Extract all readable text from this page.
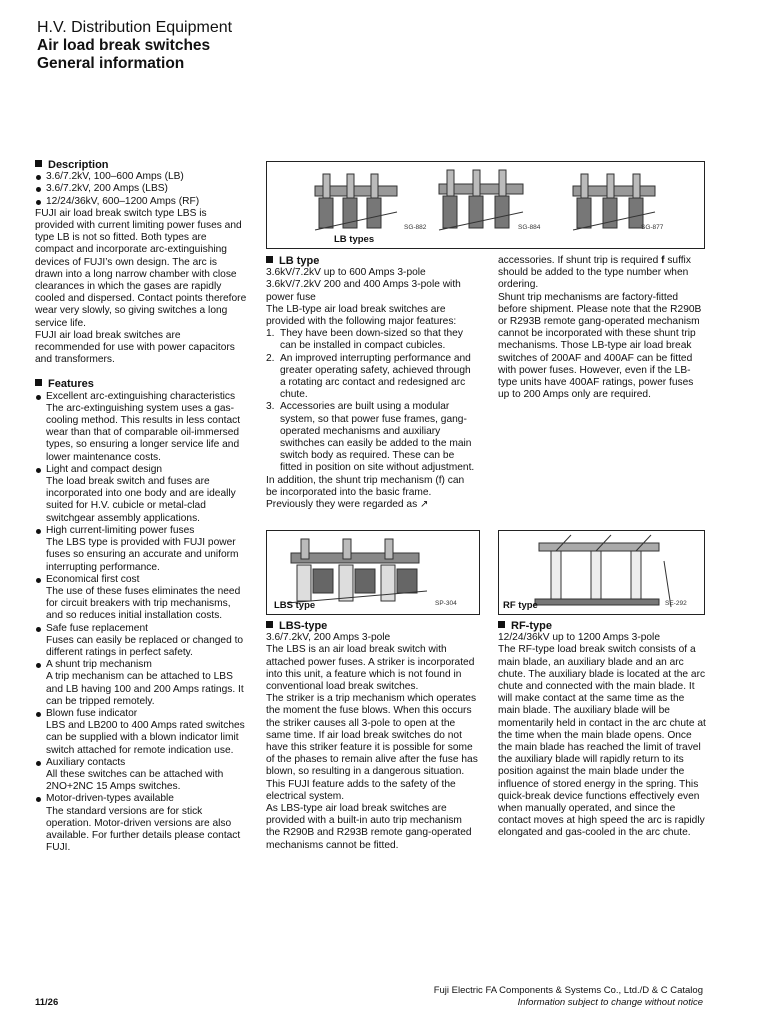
H.V. Distribution Equipment
Air load break switches
General information

Description

3.6/7.2kV, 100–600 Amps (LB)

3.6/7.2kV, 200 Amps (LBS)

12/24/36kV, 600–1200 Amps (RF)

FUJI air load break switch type LBS is provided with current limiting power fuses and type LB is not so fitted. Both types are compact and incorporate arc-extinguishing devices of FUJI’s own design. The arc is drawn into a long narrow chamber with close clearances in which the gases are rapidly cooled and dispersed. Contact points therefore wear very slowly, so giving switches a long service life.

FUJI air load break switches are recommended for use with power capacitors and transformers.

Features

Excellent arc-extinguishing characteristics

The arc-extinguishing system uses a gas-cooling method. This results in less contact wear than that of comparable oil-immersed types, so ensuring a longer service life and lower maintenance costs.

Light and compact design

The load break switch and fuses are incorporated into one body and are ideally suited for H.V. cubicle or metal-clad switchgear assembly applications.

High current-limiting power fuses

The LBS type is provided with FUJI power fuses so ensuring an accurate and uniform interrupting performance.

Economical first cost

The use of these fuses eliminates the need for circuit breakers with trip mechanisms, and so reduces initial installation costs.

Safe fuse replacement

Fuses can easily be replaced or changed to different ratings in perfect safety.

A shunt trip mechanism

A trip mechanism can be attached to LBS and LB having 100 and 200 Amps ratings. It can be tripped remotely.

Blown fuse indicator

LBS and LB200 to 400 Amps rated switches can be supplied with a blown indicator limit switch attached for remote indication use.

Auxiliary contacts

All these switches can be attached with 2NO+2NC 15 Amps switches.

Motor-driven-types available

The standard versions are for stick operation. Motor-driven versions are also available. For further details please contact FUJI.

SG-882	SG-884	SG-877
LB types

LB type

3.6kV/7.2kV up to 600 Amps 3-pole

3.6kV/7.2kV 200 and 400 Amps 3-pole with power fuse

The LB-type air load break switches are provided with the following major features:

1. They have been down-sized so that they can be installed in compact cubicles.

2. An improved interrupting performance and greater operating safety, achieved through a rotating arc contact and redesigned arc chute.

3. Accessories are built using a modular system, so that power fuse frames, gang-operated mechanisms and auxiliary swithches can easily be added to the main switch body as required. These can be fitted in position on site without adjustment.

In addition, the shunt trip mechanism (f) can be incorporated into the basic frame. Previously they were regarded as ↗

accessories. If shunt trip is required f suffix should be added to the type number when ordering.

Shunt trip mechanisms are factory-fitted before shipment. Please note that the R290B or R293B remote gang-operated mechanism cannot be incorporated with these shunt trip mechanisms. Those LB-type air load break switches of 200AF and 400AF can be fitted with power fuses. However, even if the LB-type units have 400AF ratings, power fuses up to 200 Amps only are required.

SP-304
LBS type	SE-292
RF type

LBS-type

3.6/7.2kV, 200 Amps 3-pole

The LBS is an air load break switch with attached power fuses. A striker is incorporated into this unit, a feature which is not found in conventional load break switches.

The striker is a trip mechanism which operates the moment the fuse blows. When this occurs the striker causes all 3-pole to open at the same time. If air load break switches do not have this striker feature it is possible for some of the phases to remain alive after the fuse has blown, so resulting in a dangerous situation. This FUJI feature adds to the safety of the electrical system.

As LBS-type air load break switches are provided with a built-in auto trip mechanism the R290B and R293B remote gang-operated mechanisms cannot be fitted.

RF-type

12/24/36kV up to 1200 Amps 3-pole

The RF-type load break switch consists of a main blade, an auxiliary blade and an arc chute. The auxiliary blade is located at the arc chute and connected with the main blade. It will make contact at the same time as the main blade. The auxiliary blade will be momentarily held in contact in the arc chute at the time when the main blade opens. Once the main blade has reached the limit of travel the auxiliary blade will rapidly return to its position against the main blade under the influence of stored energy in the spring. This quick-break device functions effectively even when manually operated, and since the contact moves at high speed the arc is rapidly elongated and gas-cooled in the arc chute.

11/26
Fuji Electric FA Components & Systems Co., Ltd./D & C Catalog
Information subject to change without notice
